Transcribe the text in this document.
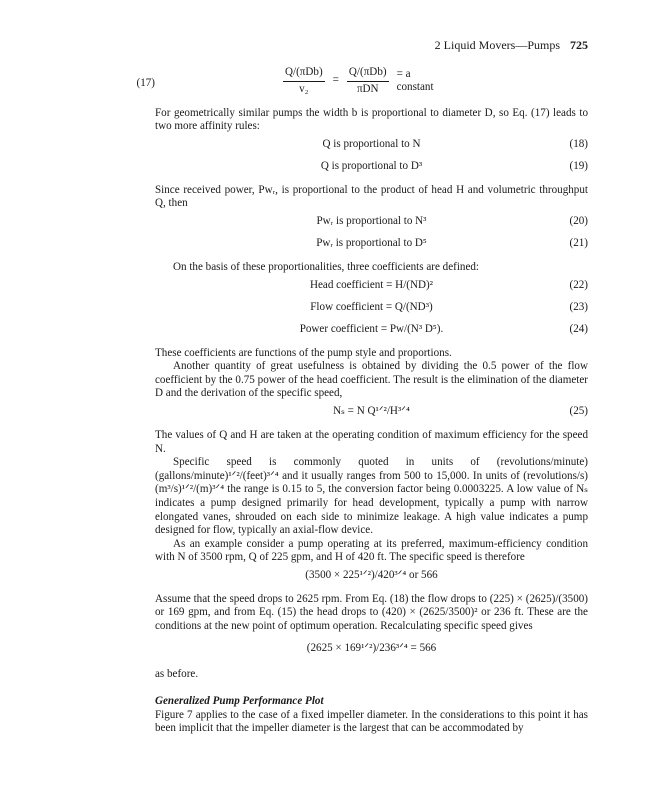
2 Liquid Movers—Pumps 725
$\frac{\text{Q/(πDb)}}{\text{v₂}} = \frac{\text{Q/(πDb)}}{\text{πDN}} = a$ constant
(17)

For geometrically similar pumps the width b is proportional to diameter D, so Eq. (17) leads to two more affinity rules:

Q is proportional to N	(18)
Q is proportional to D³	(19)

Since received power, Pwᵣ, is proportional to the product of head H and volumetric throughput Q, then

Pwᵣ is proportional to N³	(20)
Pwᵣ is proportional to D⁵	(21)

On the basis of these proportionalities, three coefficients are defined:

Head coefficient = H/(ND)²	(22)
Flow coefficient = Q/(ND³)	(23)
Power coefficient = Pw/(N³ D⁵).	(24)

These coefficients are functions of the pump style and proportions.

Another quantity of great usefulness is obtained by dividing the 0.5 power of the flow coefficient by the 0.75 power of the head coefficient. The result is the elimination of the diameter D and the derivation of the specific speed,

Nₛ = N Q¹ᐟ²/H³ᐟ⁴	(25)

The values of Q and H are taken at the operating condition of maximum efficiency for the speed N.

Specific speed is commonly quoted in units of (revolutions/minute) (gallons/minute)¹ᐟ²/(feet)³ᐟ⁴ and it usually ranges from 500 to 15,000. In units of (revolutions/s) (m³/s)¹ᐟ²/(m)³ᐟ⁴ the range is 0.15 to 5, the conversion factor being 0.0003225. A low value of Nₛ indicates a pump designed primarily for head development, typically a pump with narrow elongated vanes, shrouded on each side to minimize leakage. A high value indicates a pump designed for flow, typically an axial-flow device.

As an example consider a pump operating at its preferred, maximum-efficiency condition with N of 3500 rpm, Q of 225 gpm, and H of 420 ft. The specific speed is therefore

(3500 × 225¹ᐟ²)/420³ᐟ⁴ or 566

Assume that the speed drops to 2625 rpm. From Eq. (18) the flow drops to (225) × (2625)/(3500) or 169 gpm, and from Eq. (15) the head drops to (420) × (2625/3500)² or 236 ft. These are the conditions at the new point of optimum operation. Recalculating specific speed gives

(2625 × 169¹ᐟ²)/236³ᐟ⁴ = 566

as before.

Generalized Pump Performance Plot

Figure 7 applies to the case of a fixed impeller diameter. In the considerations to this point it has been implicit that the impeller diameter is the largest that can be accommodated by
